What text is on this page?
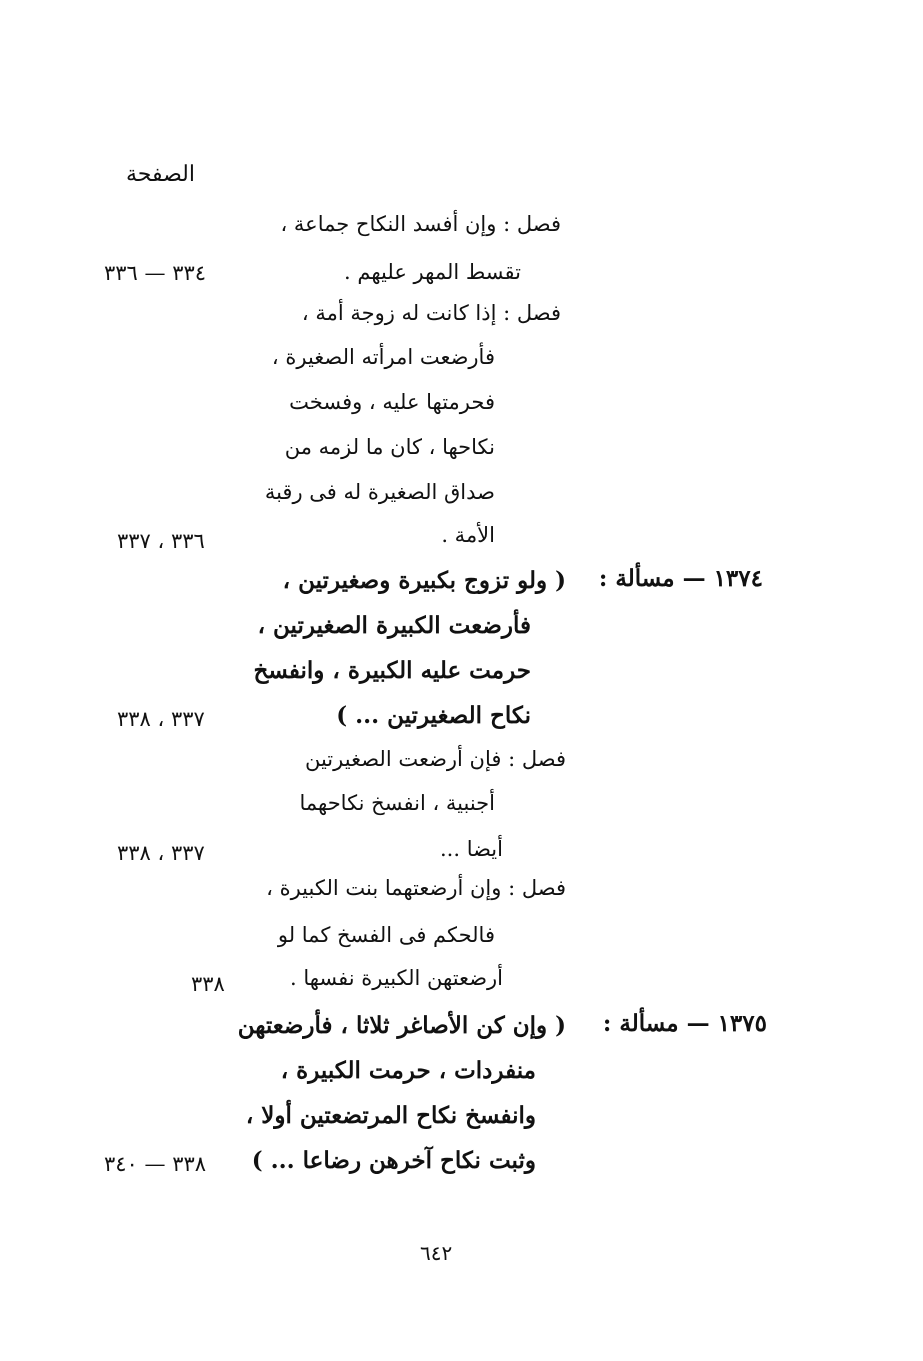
الصفحة
فصل : وإن أفسد النكاح جماعة ،
تقسط المهر عليهم .
٣٣٤ — ٣٣٦
فصل : إذا كانت له زوجة أمة ،
فأرضعت امرأته الصغيرة ،
فحرمتها عليه ، وفسخت
نكاحها ، كان ما لزمه من
صداق الصغيرة له فى رقبة
الأمة .
٣٣٦ ، ٣٣٧
١٣٧٤ — مسألة :
( ولو تزوج بكبيرة وصغيرتين ،
فأرضعت الكبيرة الصغيرتين ،
حرمت عليه الكبيرة ، وانفسخ
نكاح الصغيرتين ... )
٣٣٧ ، ٣٣٨
فصل : فإن أرضعت الصغيرتين
أجنبية ، انفسخ نكاحهما
أيضا ...
٣٣٧ ، ٣٣٨
فصل : وإن أرضعتهما بنت الكبيرة ،
فالحكم فى الفسخ كما لو
أرضعتهن الكبيرة نفسها .
٣٣٨
١٣٧٥ — مسألة :
( وإن كن الأصاغر ثلاثا ، فأرضعتهن
منفردات ، حرمت الكبيرة ،
وانفسخ نكاح المرتضعتين أولا ،
وثبت نكاح آخرهن رضاعا ... )
٣٣٨ — ٣٤٠
٦٤٢
